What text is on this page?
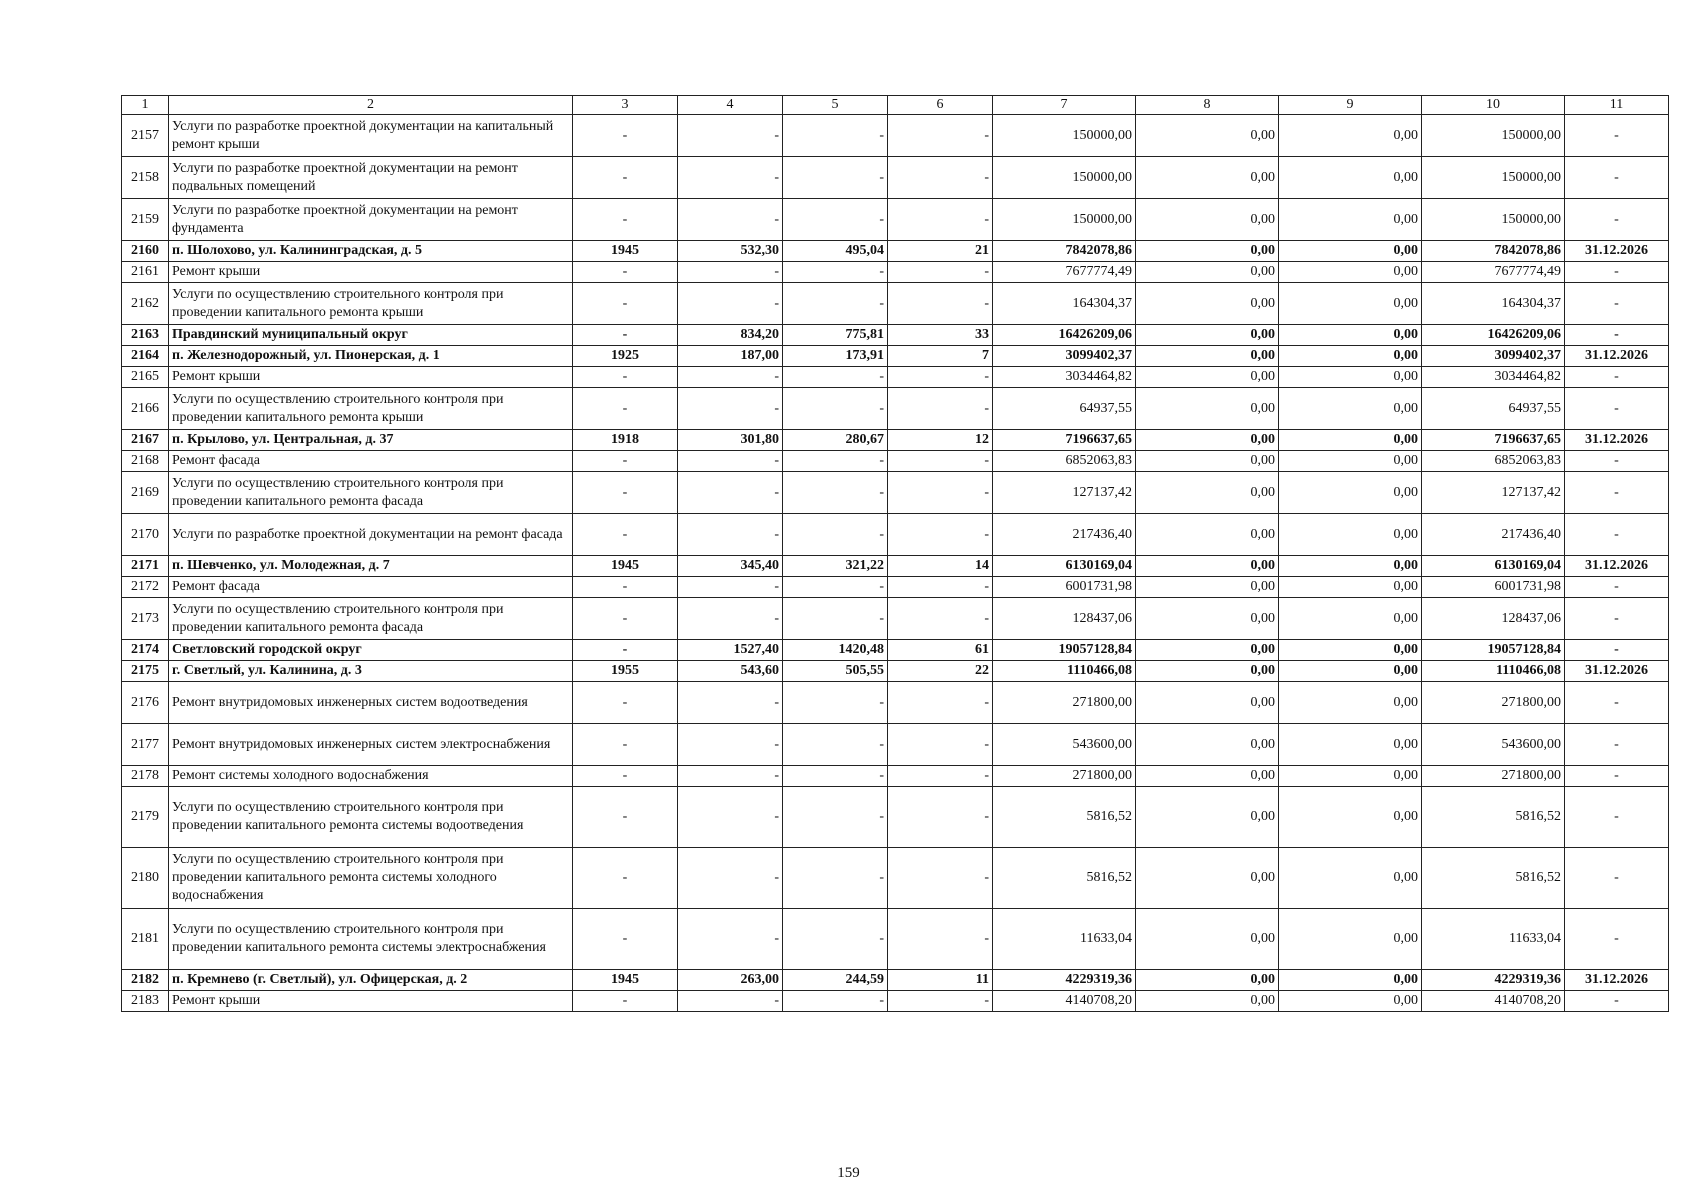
1	2	3	4	5	6	7	8	9	10	11
2157	Услуги по разработке проектной документации на капитальный ремонт крыши	-	-	-	-	150000,00	0,00	0,00	150000,00	-
2158	Услуги по разработке проектной документации на ремонт подвальных помещений	-	-	-	-	150000,00	0,00	0,00	150000,00	-
2159	Услуги по разработке проектной документации на ремонт фундамента	-	-	-	-	150000,00	0,00	0,00	150000,00	-
2160	п. Шолохово, ул. Калининградская, д. 5	1945	532,30	495,04	21	7842078,86	0,00	0,00	7842078,86	31.12.2026
2161	Ремонт крыши	-	-	-	-	7677774,49	0,00	0,00	7677774,49	-
2162	Услуги по осуществлению строительного контроля при проведении капитального ремонта крыши	-	-	-	-	164304,37	0,00	0,00	164304,37	-
2163	Правдинский муниципальный округ	-	834,20	775,81	33	16426209,06	0,00	0,00	16426209,06	-
2164	п. Железнодорожный, ул. Пионерская, д. 1	1925	187,00	173,91	7	3099402,37	0,00	0,00	3099402,37	31.12.2026
2165	Ремонт крыши	-	-	-	-	3034464,82	0,00	0,00	3034464,82	-
2166	Услуги по осуществлению строительного контроля при проведении капитального ремонта крыши	-	-	-	-	64937,55	0,00	0,00	64937,55	-
2167	п. Крылово, ул. Центральная, д. 37	1918	301,80	280,67	12	7196637,65	0,00	0,00	7196637,65	31.12.2026
2168	Ремонт фасада	-	-	-	-	6852063,83	0,00	0,00	6852063,83	-
2169	Услуги по осуществлению строительного контроля при проведении капитального ремонта фасада	-	-	-	-	127137,42	0,00	0,00	127137,42	-
2170	Услуги по разработке проектной документации на ремонт фасада	-	-	-	-	217436,40	0,00	0,00	217436,40	-
2171	п. Шевченко, ул. Молодежная, д. 7	1945	345,40	321,22	14	6130169,04	0,00	0,00	6130169,04	31.12.2026
2172	Ремонт фасада	-	-	-	-	6001731,98	0,00	0,00	6001731,98	-
2173	Услуги по осуществлению строительного контроля при проведении капитального ремонта фасада	-	-	-	-	128437,06	0,00	0,00	128437,06	-
2174	Светловский городской округ	-	1527,40	1420,48	61	19057128,84	0,00	0,00	19057128,84	-
2175	г. Светлый, ул. Калинина, д. 3	1955	543,60	505,55	22	1110466,08	0,00	0,00	1110466,08	31.12.2026
2176	Ремонт внутридомовых инженерных систем водоотведения	-	-	-	-	271800,00	0,00	0,00	271800,00	-
2177	Ремонт внутридомовых инженерных систем электроснабжения	-	-	-	-	543600,00	0,00	0,00	543600,00	-
2178	Ремонт системы холодного водоснабжения	-	-	-	-	271800,00	0,00	0,00	271800,00	-
2179	Услуги по осуществлению строительного контроля при проведении капитального ремонта системы водоотведения	-	-	-	-	5816,52	0,00	0,00	5816,52	-
2180	Услуги по осуществлению строительного контроля при проведении капитального ремонта системы холодного водоснабжения	-	-	-	-	5816,52	0,00	0,00	5816,52	-
2181	Услуги по осуществлению строительного контроля при проведении капитального ремонта системы электроснабжения	-	-	-	-	11633,04	0,00	0,00	11633,04	-
2182	п. Кремнево (г. Светлый), ул. Офицерская, д. 2	1945	263,00	244,59	11	4229319,36	0,00	0,00	4229319,36	31.12.2026
2183	Ремонт крыши	-	-	-	-	4140708,20	0,00	0,00	4140708,20	-
159
